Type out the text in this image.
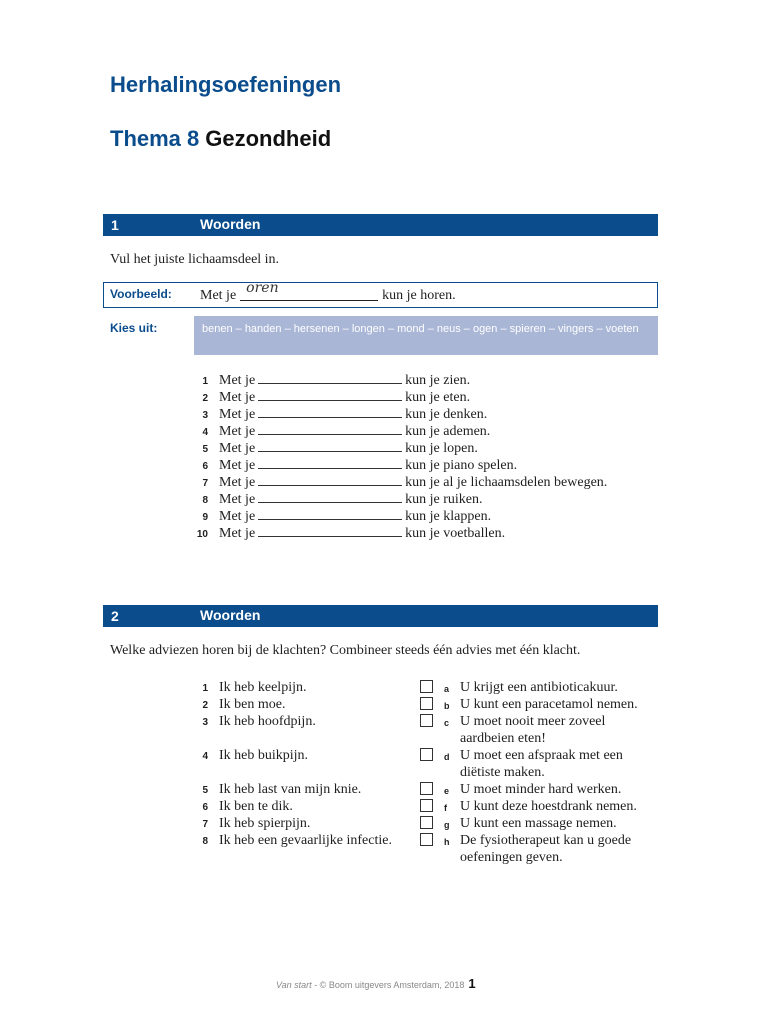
Herhalingsoefeningen
Thema 8 Gezondheid
1	Woorden
Vul het juiste lichaamsdeel in.
Voorbeeld: Met je oren	kun je horen.
Kies uit:	benen – handen – hersenen – longen – mond – neus – ogen – spieren – vingers – voeten
1 Met je	kun je zien.
2 Met je	kun je eten.
3 Met je	kun je denken.
4 Met je	kun je ademen.
5 Met je	kun je lopen.
6 Met je	kun je piano spelen.
7 Met je	kun je al je lichaamsdelen bewegen.
8 Met je	kun je ruiken.
9 Met je	kun je klappen.
10 Met je	kun je voetballen.
2	Woorden
Welke adviezen horen bij de klachten? Combineer steeds één advies met één klacht.
1 Ik heb keelpijn.	a U krijgt een antibioticakuur.
2 Ik ben moe.	b U kunt een paracetamol nemen.
3 Ik heb hoofdpijn.	c U moet nooit meer zoveel aardbeien eten!
4 Ik heb buikpijn.	d U moet een afspraak met een diëtiste maken.
5 Ik heb last van mijn knie.	e U moet minder hard werken.
6 Ik ben te dik.	f U kunt deze hoestdrank nemen.
7 Ik heb spierpijn.	g U kunt een massage nemen.
8 Ik heb een gevaarlijke infectie.	h De fysiotherapeut kan u goede oefeningen geven.
Van start - © Boom uitgevers Amsterdam, 2018 1
